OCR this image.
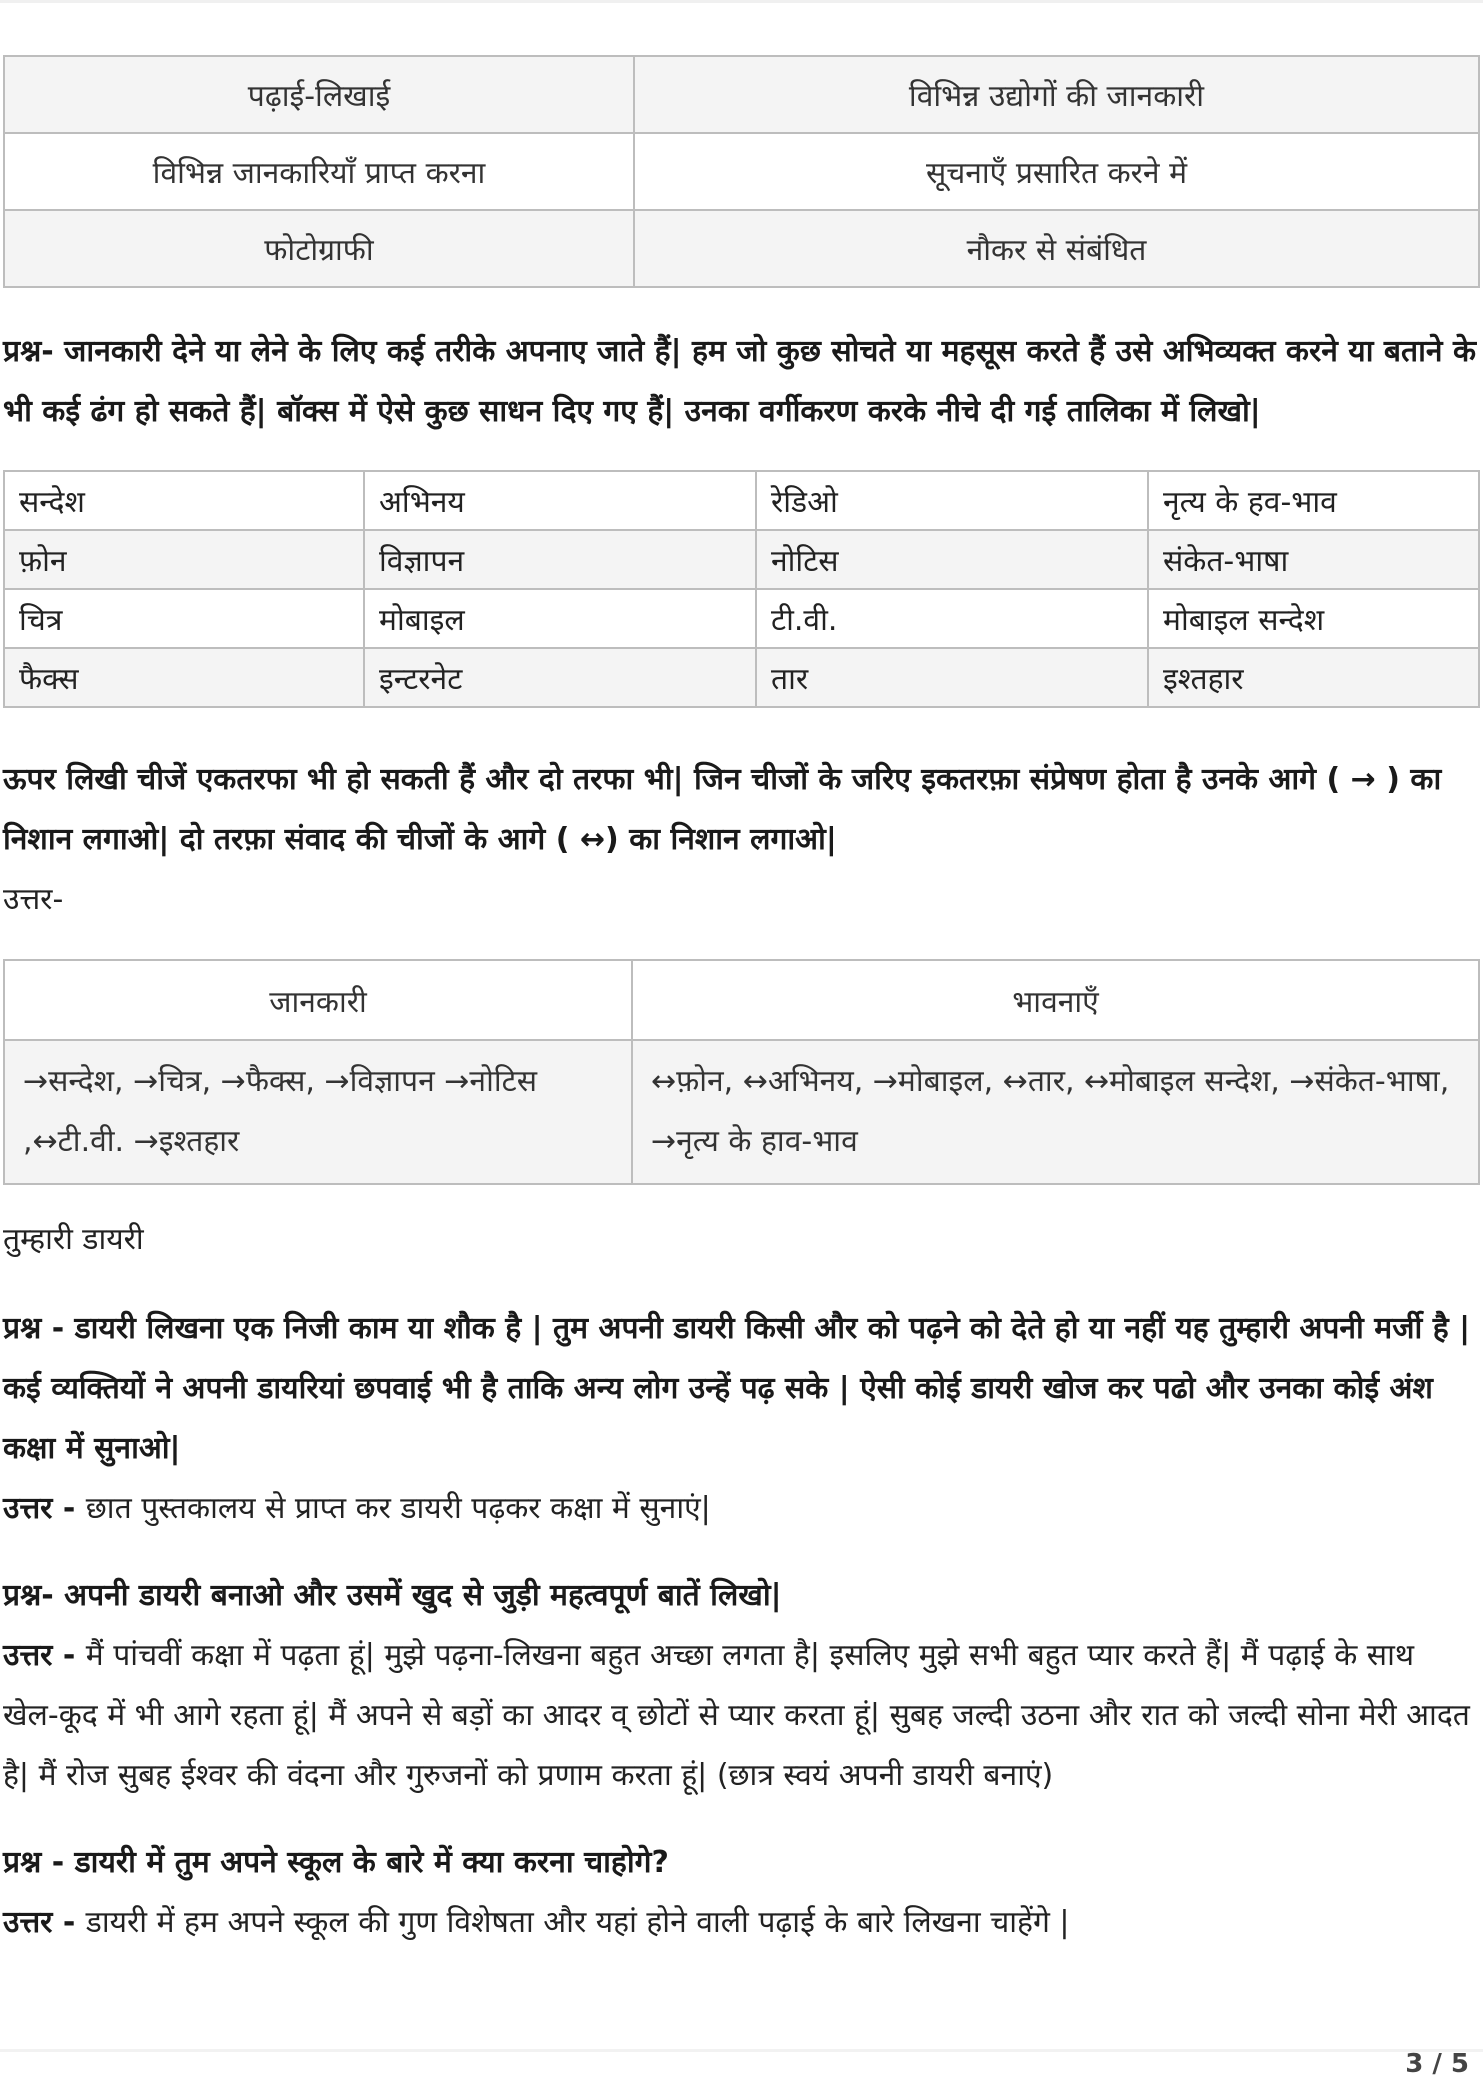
पढ़ाई-लिखाई	विभिन्न उद्योगों की जानकारी
विभिन्न जानकारियाँ प्राप्त करना	सूचनाएँ प्रसारित करने में
फोटोग्राफी	नौकर से संबंधित
प्रश्न- जानकारी देने या लेने के लिए कई तरीके अपनाए जाते हैं| हम जो कुछ सोचते या महसूस करते हैं उसे अभिव्यक्त करने या बताने के भी कई ढंग हो सकते हैं| बॉक्स में ऐसे कुछ साधन दिए गए हैं| उनका वर्गीकरण करके नीचे दी गई तालिका में लिखो|
सन्देश	अभिनय	रेडिओ	नृत्य के हव-भाव
फ़ोन	विज्ञापन	नोटिस	संकेत-भाषा
चित्र	मोबाइल	टी.वी.	मोबाइल सन्देश
फैक्स	इन्टरनेट	तार	इश्तहार
ऊपर लिखी चीजें एकतरफा भी हो सकती हैं और दो तरफा भी| जिन चीजों के जरिए इकतरफ़ा संप्रेषण होता है उनके आगे ( → ) का निशान लगाओ| दो तरफ़ा संवाद की चीजों के आगे ( ↔) का निशान लगाओ|
उत्तर-
जानकारी	भावनाएँ
→सन्देश, →चित्र, →फैक्स, →विज्ञापन →नोटिस ,↔टी.वी. →इश्तहार	↔फ़ोन, ↔अभिनय, →मोबाइल, ↔तार, ↔मोबाइल सन्देश, →संकेत-भाषा, →नृत्य के हाव-भाव
तुम्हारी डायरी
प्रश्न - डायरी लिखना एक निजी काम या शौक है | तुम अपनी डायरी किसी और को पढ़ने को देते हो या नहीं यह तुम्हारी अपनी मर्जी है | कई व्यक्तियों ने अपनी डायरियां छपवाई भी है ताकि अन्य लोग उन्हें पढ़ सके | ऐसी कोई डायरी खोज कर पढो और उनका कोई अंश कक्षा में सुनाओ|
उत्तर - छात पुस्तकालय से प्राप्त कर डायरी पढ़कर कक्षा में सुनाएं|
प्रश्न- अपनी डायरी बनाओ और उसमें खुद से जुड़ी महत्वपूर्ण बातें लिखो|
उत्तर - मैं पांचवीं कक्षा में पढ़ता हूं| मुझे पढ़ना-लिखना बहुत अच्छा लगता है| इसलिए मुझे सभी बहुत प्यार करते हैं| मैं पढ़ाई के साथ खेल-कूद में भी आगे रहता हूं| मैं अपने से बड़ों का आदर व् छोटों से प्यार करता हूं| सुबह जल्दी उठना और रात को जल्दी सोना मेरी आदत है| मैं रोज सुबह ईश्वर की वंदना और गुरुजनों को प्रणाम करता हूं| (छात्र स्वयं अपनी डायरी बनाएं)
प्रश्न - डायरी में तुम अपने स्कूल के बारे में क्या करना चाहोगे?
उत्तर - डायरी में हम अपने स्कूल की गुण विशेषता और यहां होने वाली पढ़ाई के बारे लिखना चाहेंगे |
3 / 5
